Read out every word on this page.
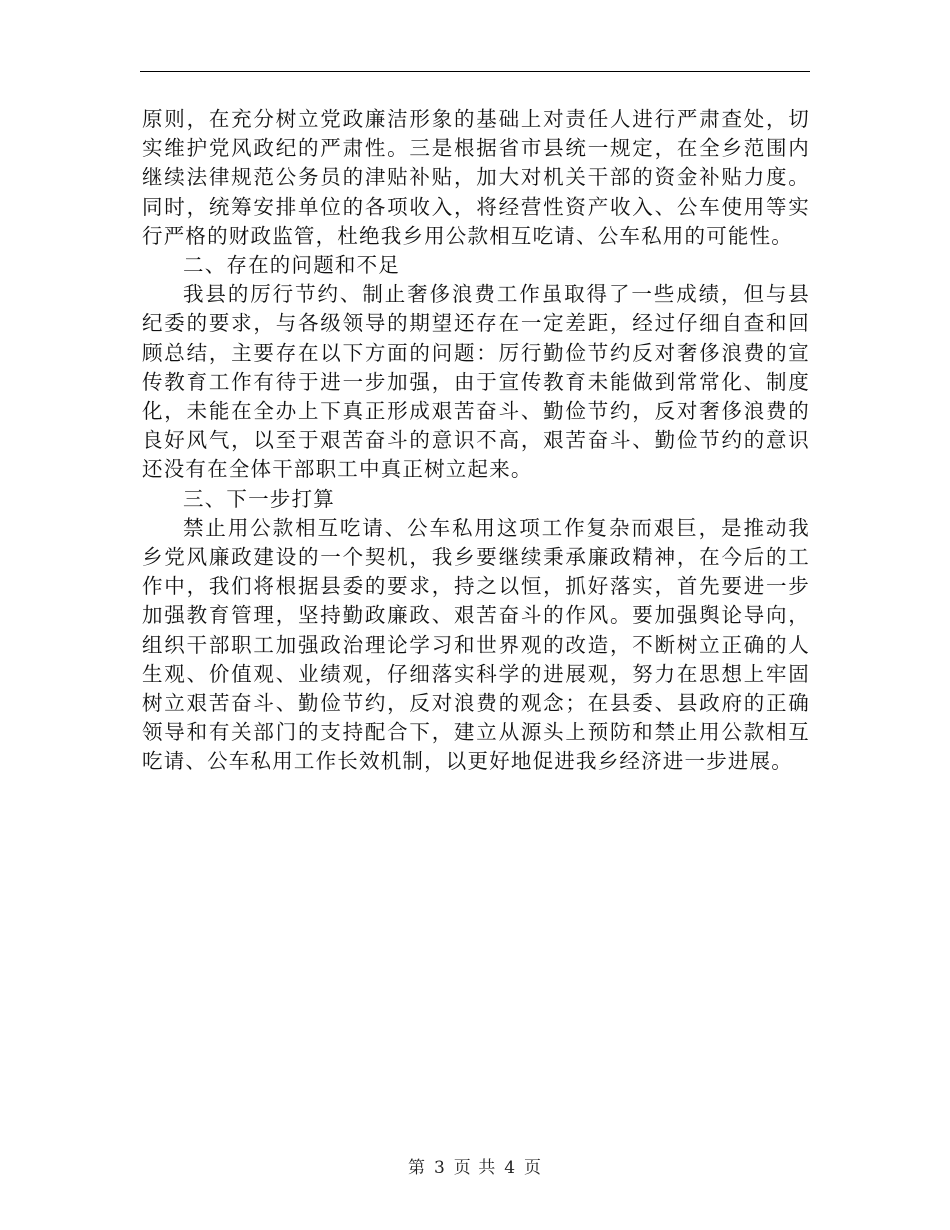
原则，在充分树立党政廉洁形象的基础上对责任人进行严肃查处，切实维护党风政纪的严肃性。三是根据省市县统一规定，在全乡范围内继续法律规范公务员的津贴补贴，加大对机关干部的资金补贴力度。同时，统筹安排单位的各项收入，将经营性资产收入、公车使用等实行严格的财政监管，杜绝我乡用公款相互吃请、公车私用的可能性。

二、存在的问题和不足

我县的厉行节约、制止奢侈浪费工作虽取得了一些成绩，但与县纪委的要求，与各级领导的期望还存在一定差距，经过仔细自查和回顾总结，主要存在以下方面的问题：厉行勤俭节约反对奢侈浪费的宣传教育工作有待于进一步加强，由于宣传教育未能做到常常化、制度化，未能在全办上下真正形成艰苦奋斗、勤俭节约，反对奢侈浪费的良好风气，以至于艰苦奋斗的意识不高，艰苦奋斗、勤俭节约的意识还没有在全体干部职工中真正树立起来。

三、下一步打算

禁止用公款相互吃请、公车私用这项工作复杂而艰巨，是推动我乡党风廉政建设的一个契机，我乡要继续秉承廉政精神，在今后的工作中，我们将根据县委的要求，持之以恒，抓好落实，首先要进一步加强教育管理，坚持勤政廉政、艰苦奋斗的作风。要加强舆论导向，组织干部职工加强政治理论学习和世界观的改造，不断树立正确的人生观、价值观、业绩观，仔细落实科学的进展观，努力在思想上牢固树立艰苦奋斗、勤俭节约，反对浪费的观念；在县委、县政府的正确领导和有关部门的支持配合下，建立从源头上预防和禁止用公款相互吃请、公车私用工作长效机制，以更好地促进我乡经济进一步进展。

第 3 页 共 4 页
